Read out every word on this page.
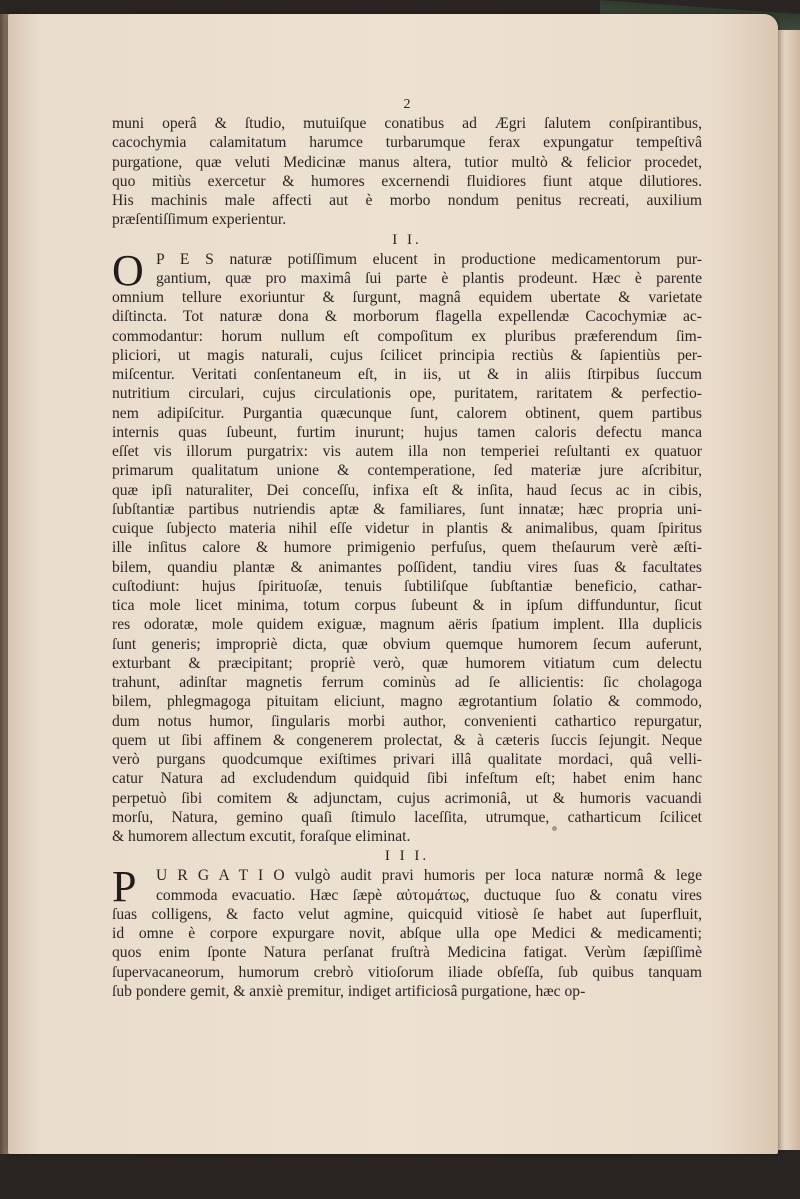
2
muni operâ & ſtudio, mutuiſque conatibus ad Ægri ſalutem conſpirantibus,
cacochymia calamitatum harumce turbarumque ferax expungatur tempeſtivâ
purgatione, quæ veluti Medicinæ manus altera, tutior multò & felicior procedet,
quo mitiùs exercetur & humores excernendi fluidiores fiunt atque dilutiores.
His machinis male affecti aut è morbo nondum penitus recreati, auxilium
præſentiſſimum experientur.
I I.
O P E S naturæ potiſſimum elucent in productione medicamentorum pur-
gantium, quæ pro maximâ ſui parte è plantis prodeunt. Hæc è parente
omnium tellure exoriuntur & ſurgunt, magnâ equidem ubertate & varietate
diſtincta. Tot naturæ dona & morborum flagella expellendæ Cacochymiæ ac-
commodantur: horum nullum eſt compoſitum ex pluribus præferendum ſim-
pliciori, ut magis naturali, cujus ſcilicet principia rectiùs & ſapientiùs per-
miſcentur. Veritati conſentaneum eſt, in iis, ut & in aliis ſtirpibus ſuccum
nutritium circulari, cujus circulationis ope, puritatem, raritatem & perfectio-
nem adipiſcitur. Purgantia quæcunque ſunt, calorem obtinent, quem partibus
internis quas ſubeunt, furtim inurunt; hujus tamen caloris defectu manca
eſſet vis illorum purgatrix: vis autem illa non temperiei reſultanti ex quatuor
primarum qualitatum unione & contemperatione, ſed materiæ jure aſcribitur,
quæ ipſi naturaliter, Dei conceſſu, infixa eſt & inſita, haud ſecus ac in cibis,
ſubſtantiæ partibus nutriendis aptæ & familiares, ſunt innatæ; hæc propria uni-
cuique ſubjecto materia nihil eſſe videtur in plantis & animalibus, quam ſpiritus
ille inſitus calore & humore primigenio perfuſus, quem theſaurum verè æſti-
bilem, quandiu plantæ & animantes poſſident, tandiu vires ſuas & facultates
cuſtodiunt: hujus ſpirituoſæ, tenuis ſubtiliſque ſubſtantiæ beneficio, cathar-
tica mole licet minima, totum corpus ſubeunt & in ipſum diffunduntur, ſicut
res odoratæ, mole quidem exiguæ, magnum aëris ſpatium implent. Illa duplicis
ſunt generis; impropriè dicta, quæ obvium quemque humorem ſecum auferunt,
exturbant & præcipitant; propriè verò, quæ humorem vitiatum cum delectu
trahunt, adinſtar magnetis ferrum cominùs ad ſe allicientis: ſic cholagoga
bilem, phlegmagoga pituitam eliciunt, magno ægrotantium ſolatio & commodo,
dum notus humor, ſingularis morbi author, convenienti cathartico repurgatur,
quem ut ſibi affinem & congenerem prolectat, & à cæteris ſuccis ſejungit. Neque
verò purgans quodcumque exiſtimes privari illâ qualitate mordaci, quâ velli-
catur Natura ad excludendum quidquid ſibi infeſtum eſt; habet enim hanc
perpetuò ſibi comitem & adjunctam, cujus acrimoniâ, ut & humoris vacuandi
morſu, Natura, gemino quaſi ſtimulo laceſſita, utrumque, catharticum ſcilicet
& humorem allectum excutit, foraſque eliminat.
I I I.
P	U R G A T I O vulgò audit pravi humoris per loca naturæ normâ & lege
commoda evacuatio. Hæc ſæpè αὐτομάτως, ductuque ſuo & conatu vires
ſuas colligens, & facto velut agmine, quicquid vitiosè ſe habet aut ſuperfluit,
id omne è corpore expurgare novit, abſque ulla ope Medici & medicamenti;
quos enim ſponte Natura perſanat fruſtrà Medicina fatigat. Verùm ſæpiſſimè
ſupervacaneorum, humorum crebrò vitioſorum iliade obſeſſa, ſub quibus tanquam
ſub pondere gemit, & anxiè premitur, indiget artificiosâ purgatione, hæc op-
